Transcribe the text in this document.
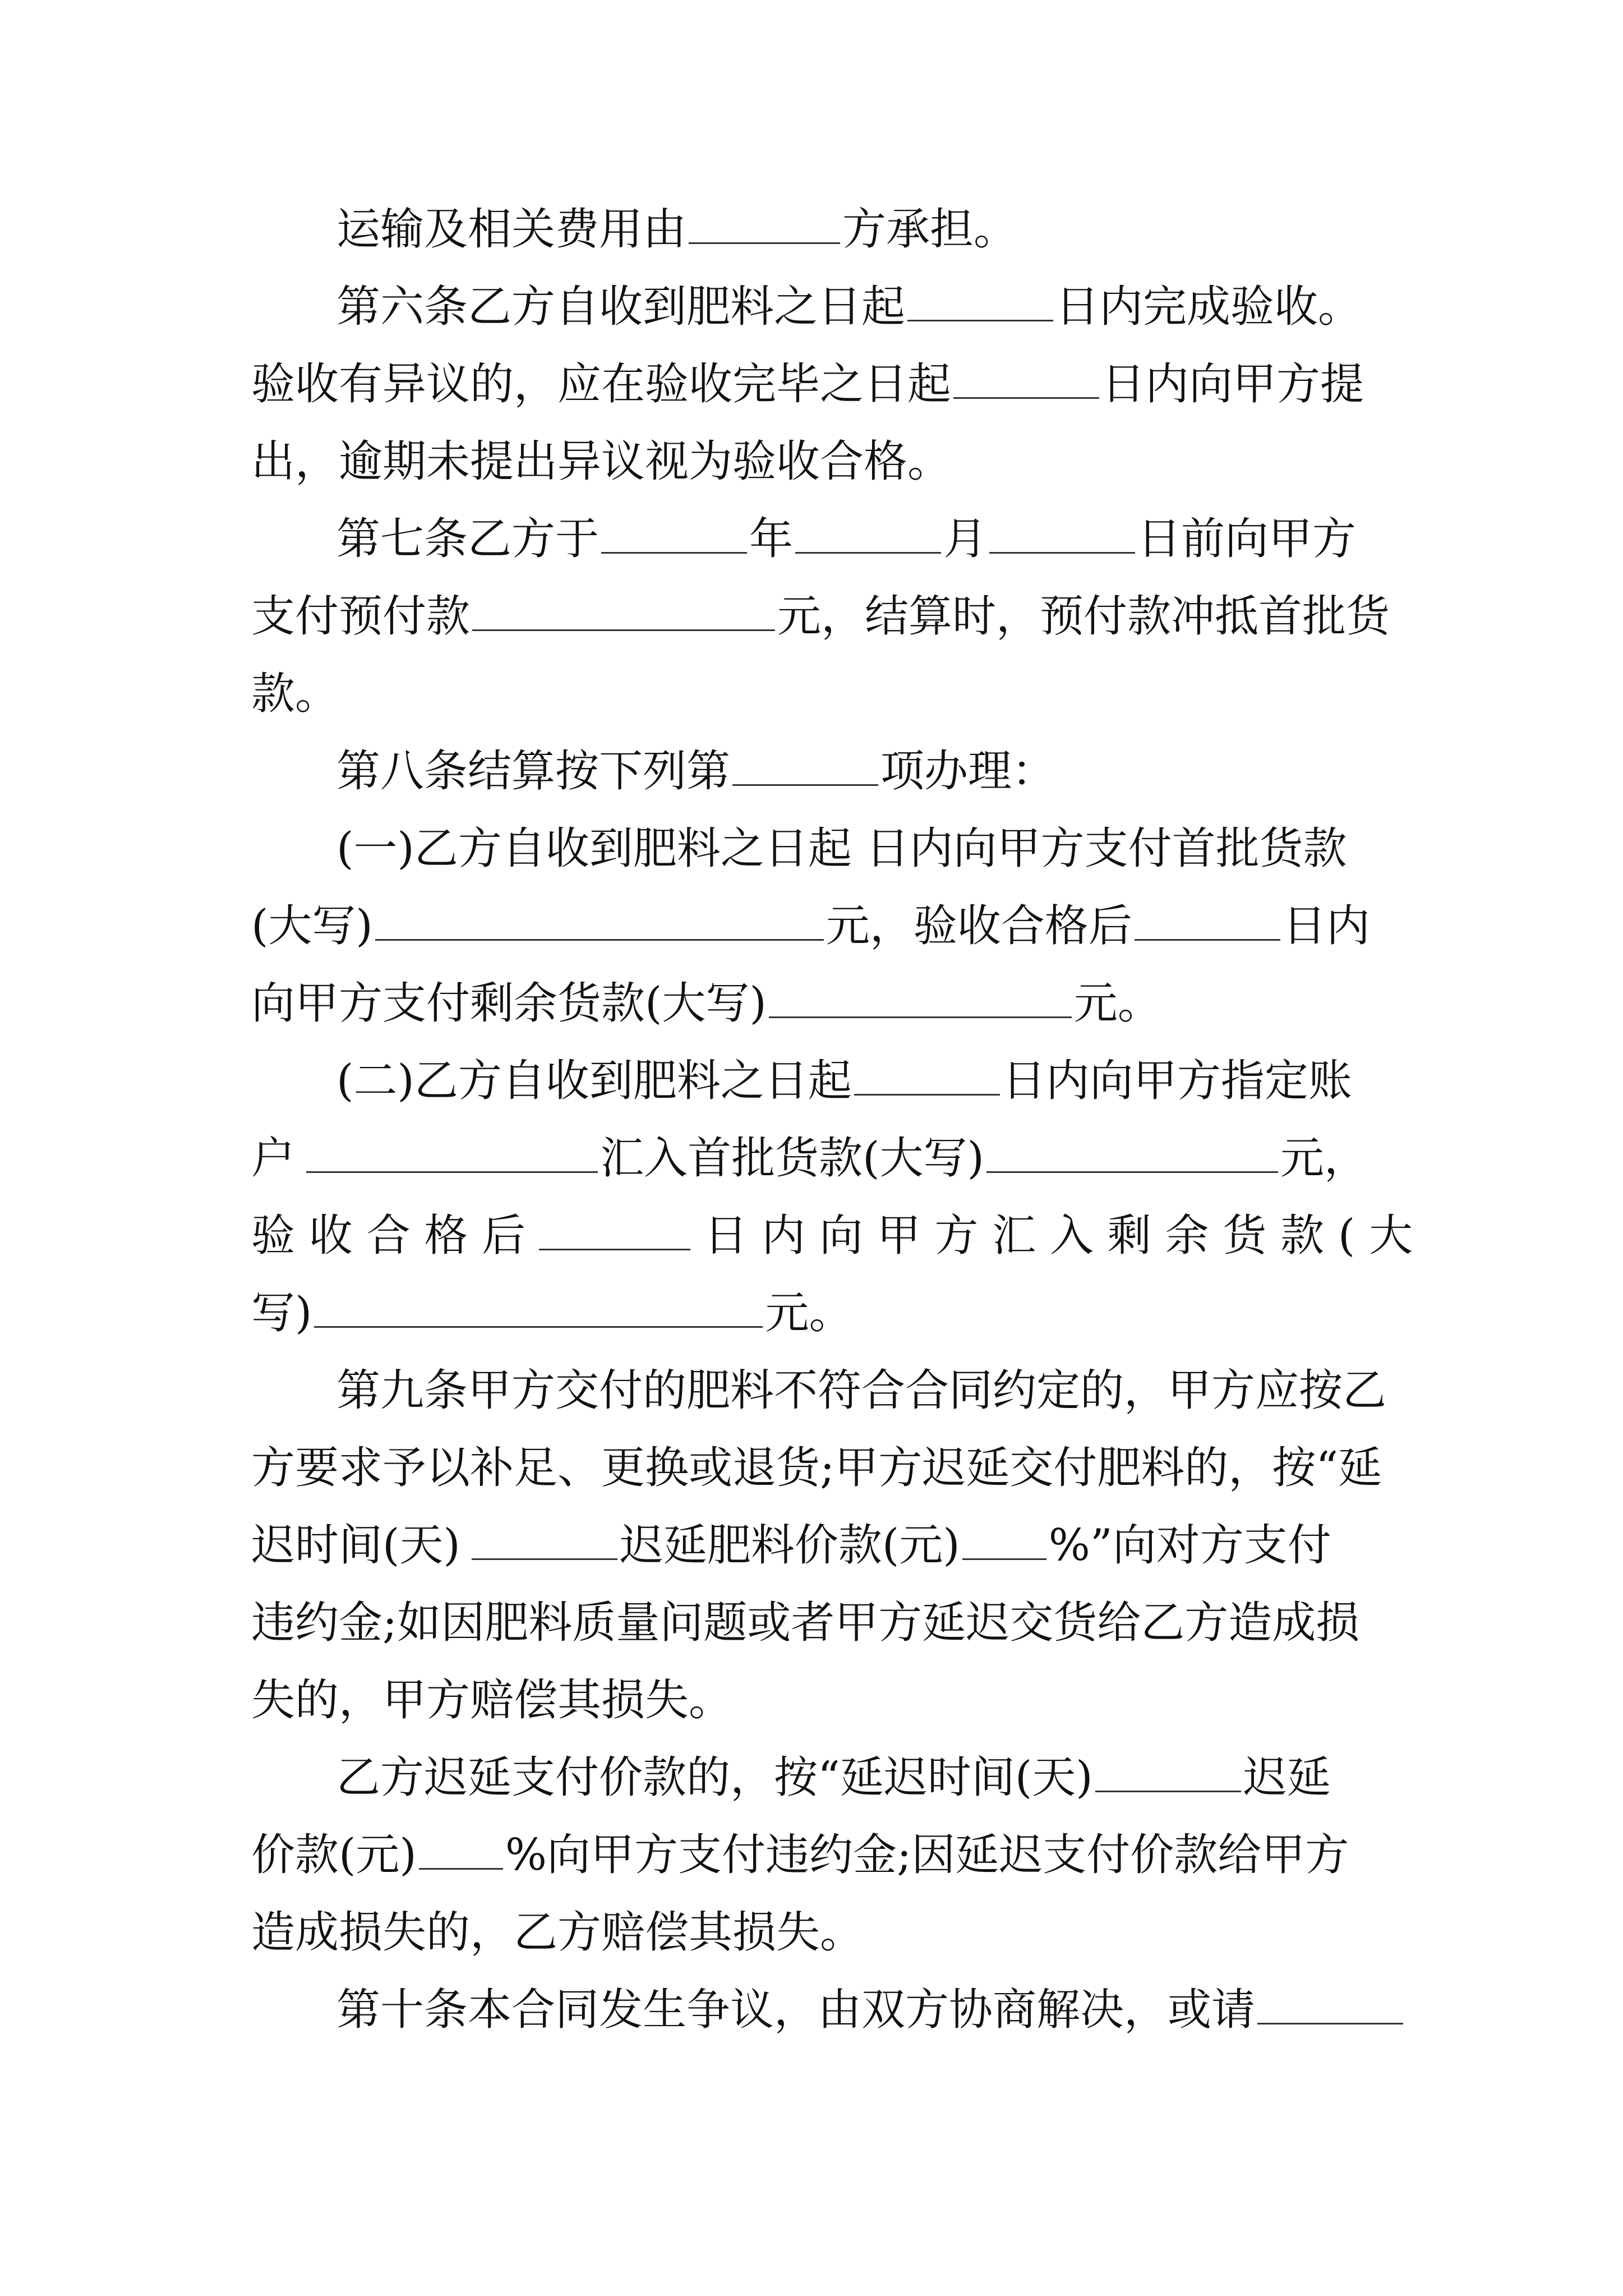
运输及相关费用由	方承担。
第六条乙方自收到肥料之日起	日内完成验收。
验收有异议的，应在验收完毕之日起	日内向甲方提
出，逾期未提出异议视为验收合格。
第七条乙方于	年	月	日前向甲方
支付预付款	元，结算时，预付款冲抵首批货
款。
第八条结算按下列第	项办理：
(一)乙方自收到肥料之日起 日内向甲方支付首批货款
(大写)	元，验收合格后	日内
向甲方支付剩余货款(大写)	元。
(二)乙方自收到肥料之日起	日内向甲方指定账
户	汇入首批货款(大写)	元，
验 收 合 格 后	日 内 向 甲 方 汇 入 剩 余 货 款 ( 大
写)	元。
第九条甲方交付的肥料不符合合同约定的，甲方应按乙
方要求予以补足、更换或退货;甲方迟延交付肥料的，按“延
迟时间(天)	迟延肥料价款(元) %”向对方支付
违约金;如因肥料质量问题或者甲方延迟交货给乙方造成损
失的，甲方赔偿其损失。
乙方迟延支付价款的，按“延迟时间(天)	迟延
价款(元) %向甲方支付违约金;因延迟支付价款给甲方
造成损失的，乙方赔偿其损失。
第十条本合同发生争议，由双方协商解决，或请
